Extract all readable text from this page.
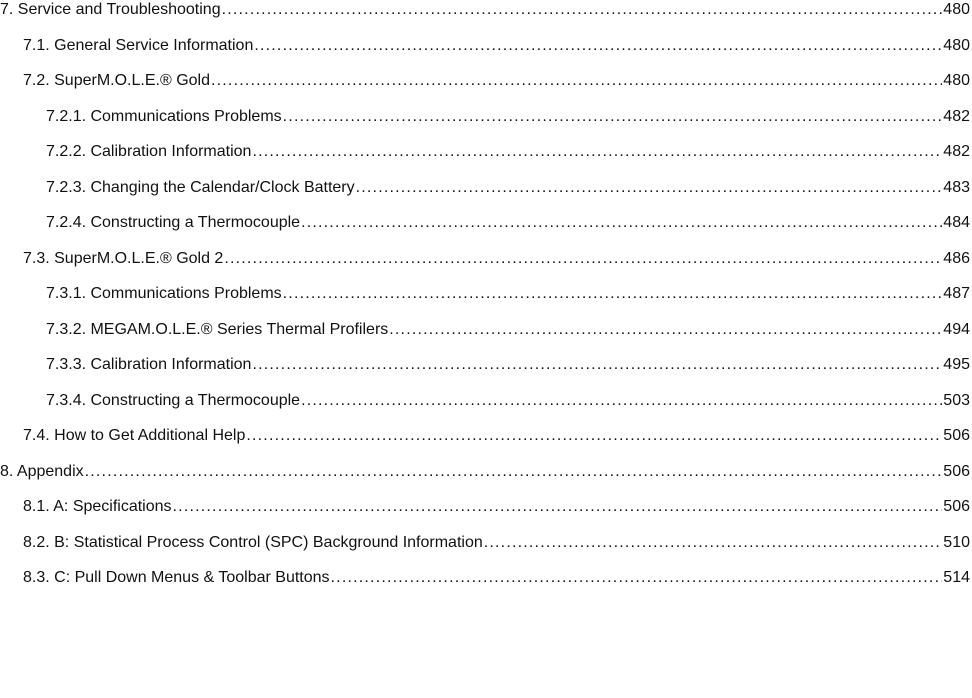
7. Service and Troubleshooting .....	480
7.1. General Service Information .....	480
7.2. SuperM.O.L.E.® Gold .....	480
7.2.1. Communications Problems .....	482
7.2.2. Calibration Information .....	482
7.2.3. Changing the Calendar/Clock Battery .....	483
7.2.4. Constructing a Thermocouple .....	484
7.3. SuperM.O.L.E.® Gold 2 .....	486
7.3.1. Communications Problems .....	487
7.3.2. MEGAM.O.L.E.® Series Thermal Profilers .....	494
7.3.3. Calibration Information .....	495
7.3.4. Constructing a Thermocouple .....	503
7.4. How to Get Additional Help .....	506
8. Appendix .....	506
8.1. A: Specifications .....	506
8.2. B: Statistical Process Control (SPC) Background Information .....	510
8.3. C: Pull Down Menus & Toolbar Buttons .....	514
